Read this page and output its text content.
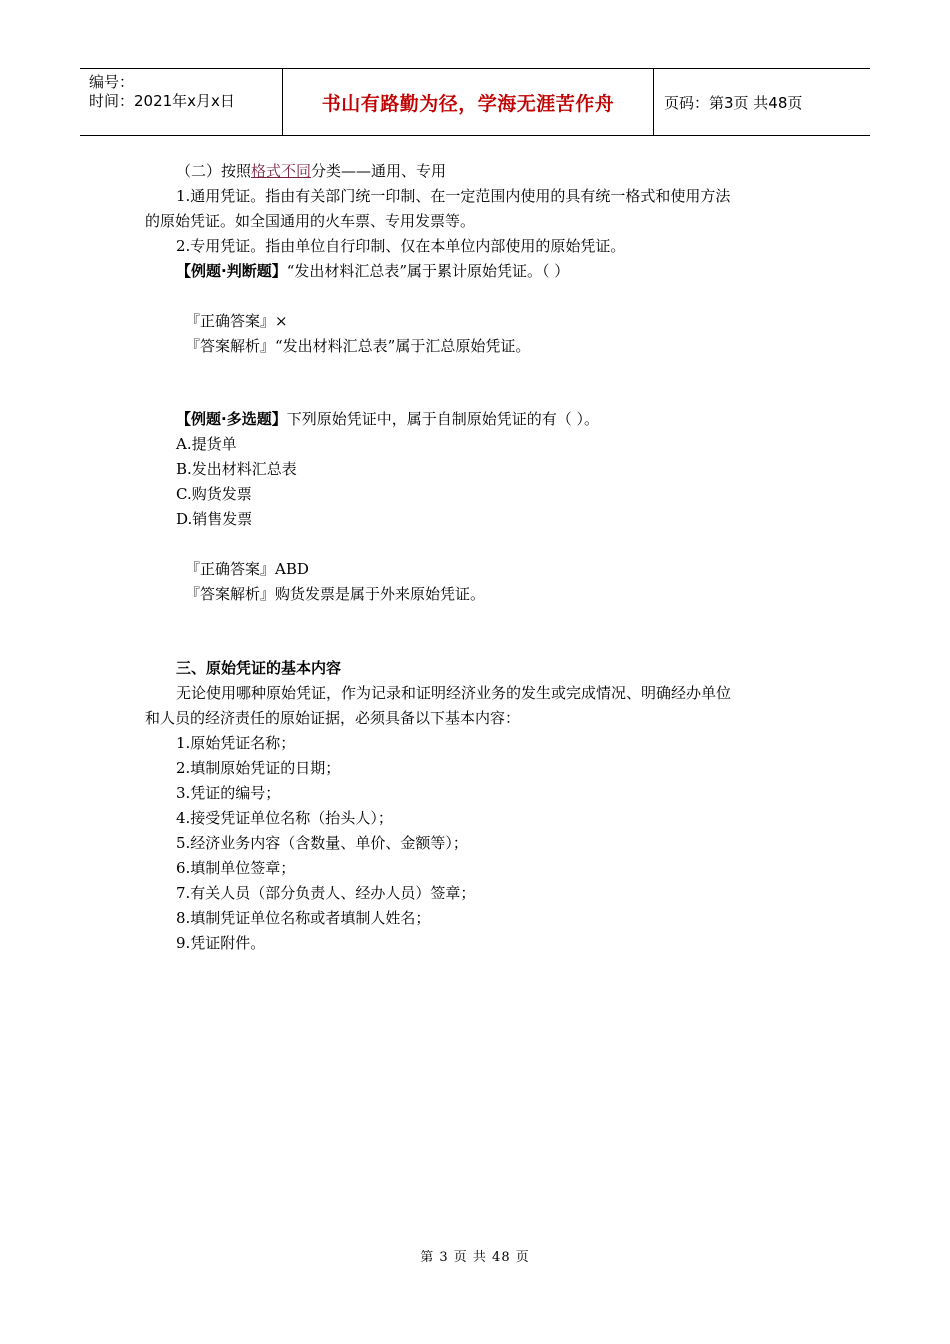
编号：
时间：2021年x月x日	书山有路勤为径，学海无涯苦作舟	页码：第3页 共48页
（二）按照格式不同分类——通用、专用
1.通用凭证。指由有关部门统一印制、在一定范围内使用的具有统一格式和使用方法
的原始凭证。如全国通用的火车票、专用发票等。
2.专用凭证。指由单位自行印制、仅在本单位内部使用的原始凭证。
【例题·判断题】“发出材料汇总表”属于累计原始凭证。（ ）
『正确答案』×
『答案解析』“发出材料汇总表”属于汇总原始凭证。
【例题·多选题】下列原始凭证中，属于自制原始凭证的有（ ）。
A.提货单
B.发出材料汇总表
C.购货发票
D.销售发票
『正确答案』ABD
『答案解析』购货发票是属于外来原始凭证。
三、原始凭证的基本内容
无论使用哪种原始凭证，作为记录和证明经济业务的发生或完成情况、明确经办单位
和人员的经济责任的原始证据，必须具备以下基本内容：
1.原始凭证名称；
2.填制原始凭证的日期；
3.凭证的编号；
4.接受凭证单位名称（抬头人）；
5.经济业务内容（含数量、单价、金额等）；
6.填制单位签章；
7.有关人员（部分负责人、经办人员）签章；
8.填制凭证单位名称或者填制人姓名；
9.凭证附件。
第 3 页 共 48 页
